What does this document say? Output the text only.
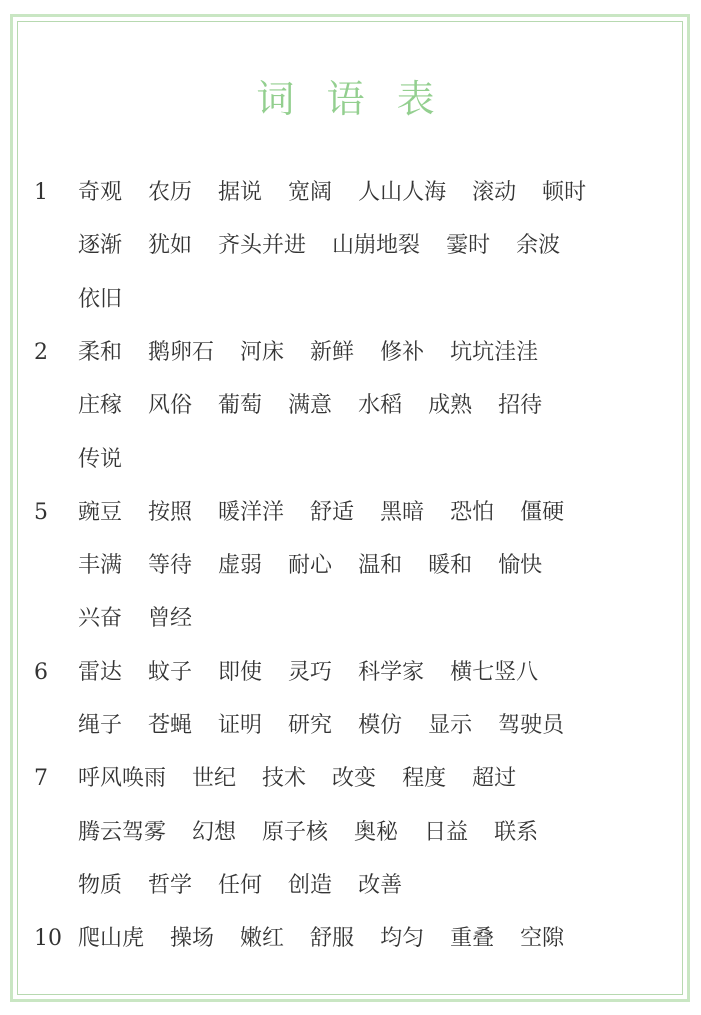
词 语 表
1 奇观 农历 据说 宽阔 人山人海 滚动 顿时
逐渐 犹如 齐头并进 山崩地裂 霎时 余波
依旧
2 柔和 鹅卵石 河床 新鲜 修补 坑坑洼洼
庄稼 风俗 葡萄 满意 水稻 成熟 招待
传说
5 豌豆 按照 暖洋洋 舒适 黑暗 恐怕 僵硬
丰满 等待 虚弱 耐心 温和 暖和 愉快
兴奋 曾经
6 雷达 蚊子 即使 灵巧 科学家 横七竖八
绳子 苍蝇 证明 研究 模仿 显示 驾驶员
7 呼风唤雨 世纪 技术 改变 程度 超过
腾云驾雾 幻想 原子核 奥秘 日益 联系
物质 哲学 任何 创造 改善
10 爬山虎 操场 嫩红 舒服 均匀 重叠 空隙
